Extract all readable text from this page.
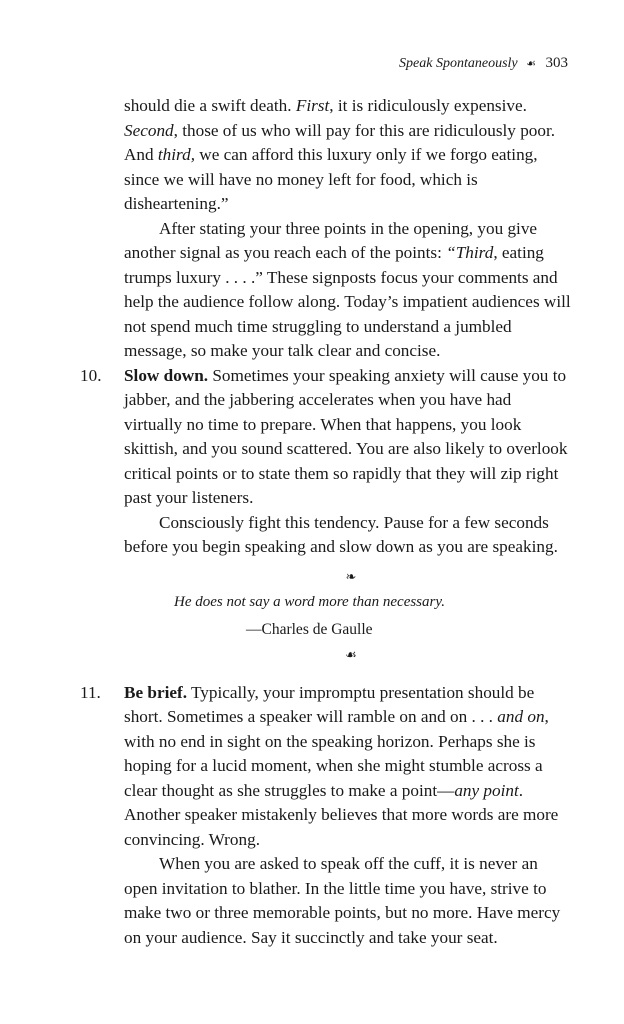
Speak Spontaneously ☙ 303

should die a swift death. First, it is ridiculously expensive. Second, those of us who will pay for this are ridiculously poor. And third, we can afford this luxury only if we forgo eating, since we will have no money left for food, which is disheartening.”

After stating your three points in the opening, you give another signal as you reach each of the points: “Third, eating trumps luxury . . . .” These signposts focus your comments and help the audience follow along. Today’s impatient audiences will not spend much time struggling to understand a jumbled message, so make your talk clear and concise.

10. Slow down. Sometimes your speaking anxiety will cause you to jabber, and the jabbering accelerates when you have had virtually no time to prepare. When that happens, you look skittish, and you sound scattered. You are also likely to overlook critical points or to state them so rapidly that they will zip right past your listeners.

Consciously fight this tendency. Pause for a few seconds before you begin speaking and slow down as you are speaking.

❧
He does not say a word more than necessary.
—Charles de Gaulle
☙
11. Be brief. Typically, your impromptu presentation should be short. Sometimes a speaker will ramble on and on . . . and on, with no end in sight on the speaking horizon. Perhaps she is hoping for a lucid moment, when she might stumble across a clear thought as she struggles to make a point—any point. Another speaker mistakenly believes that more words are more convincing. Wrong.

When you are asked to speak off the cuff, it is never an open invitation to blather. In the little time you have, strive to make two or three memorable points, but no more. Have mercy on your audience. Say it succinctly and take your seat.
